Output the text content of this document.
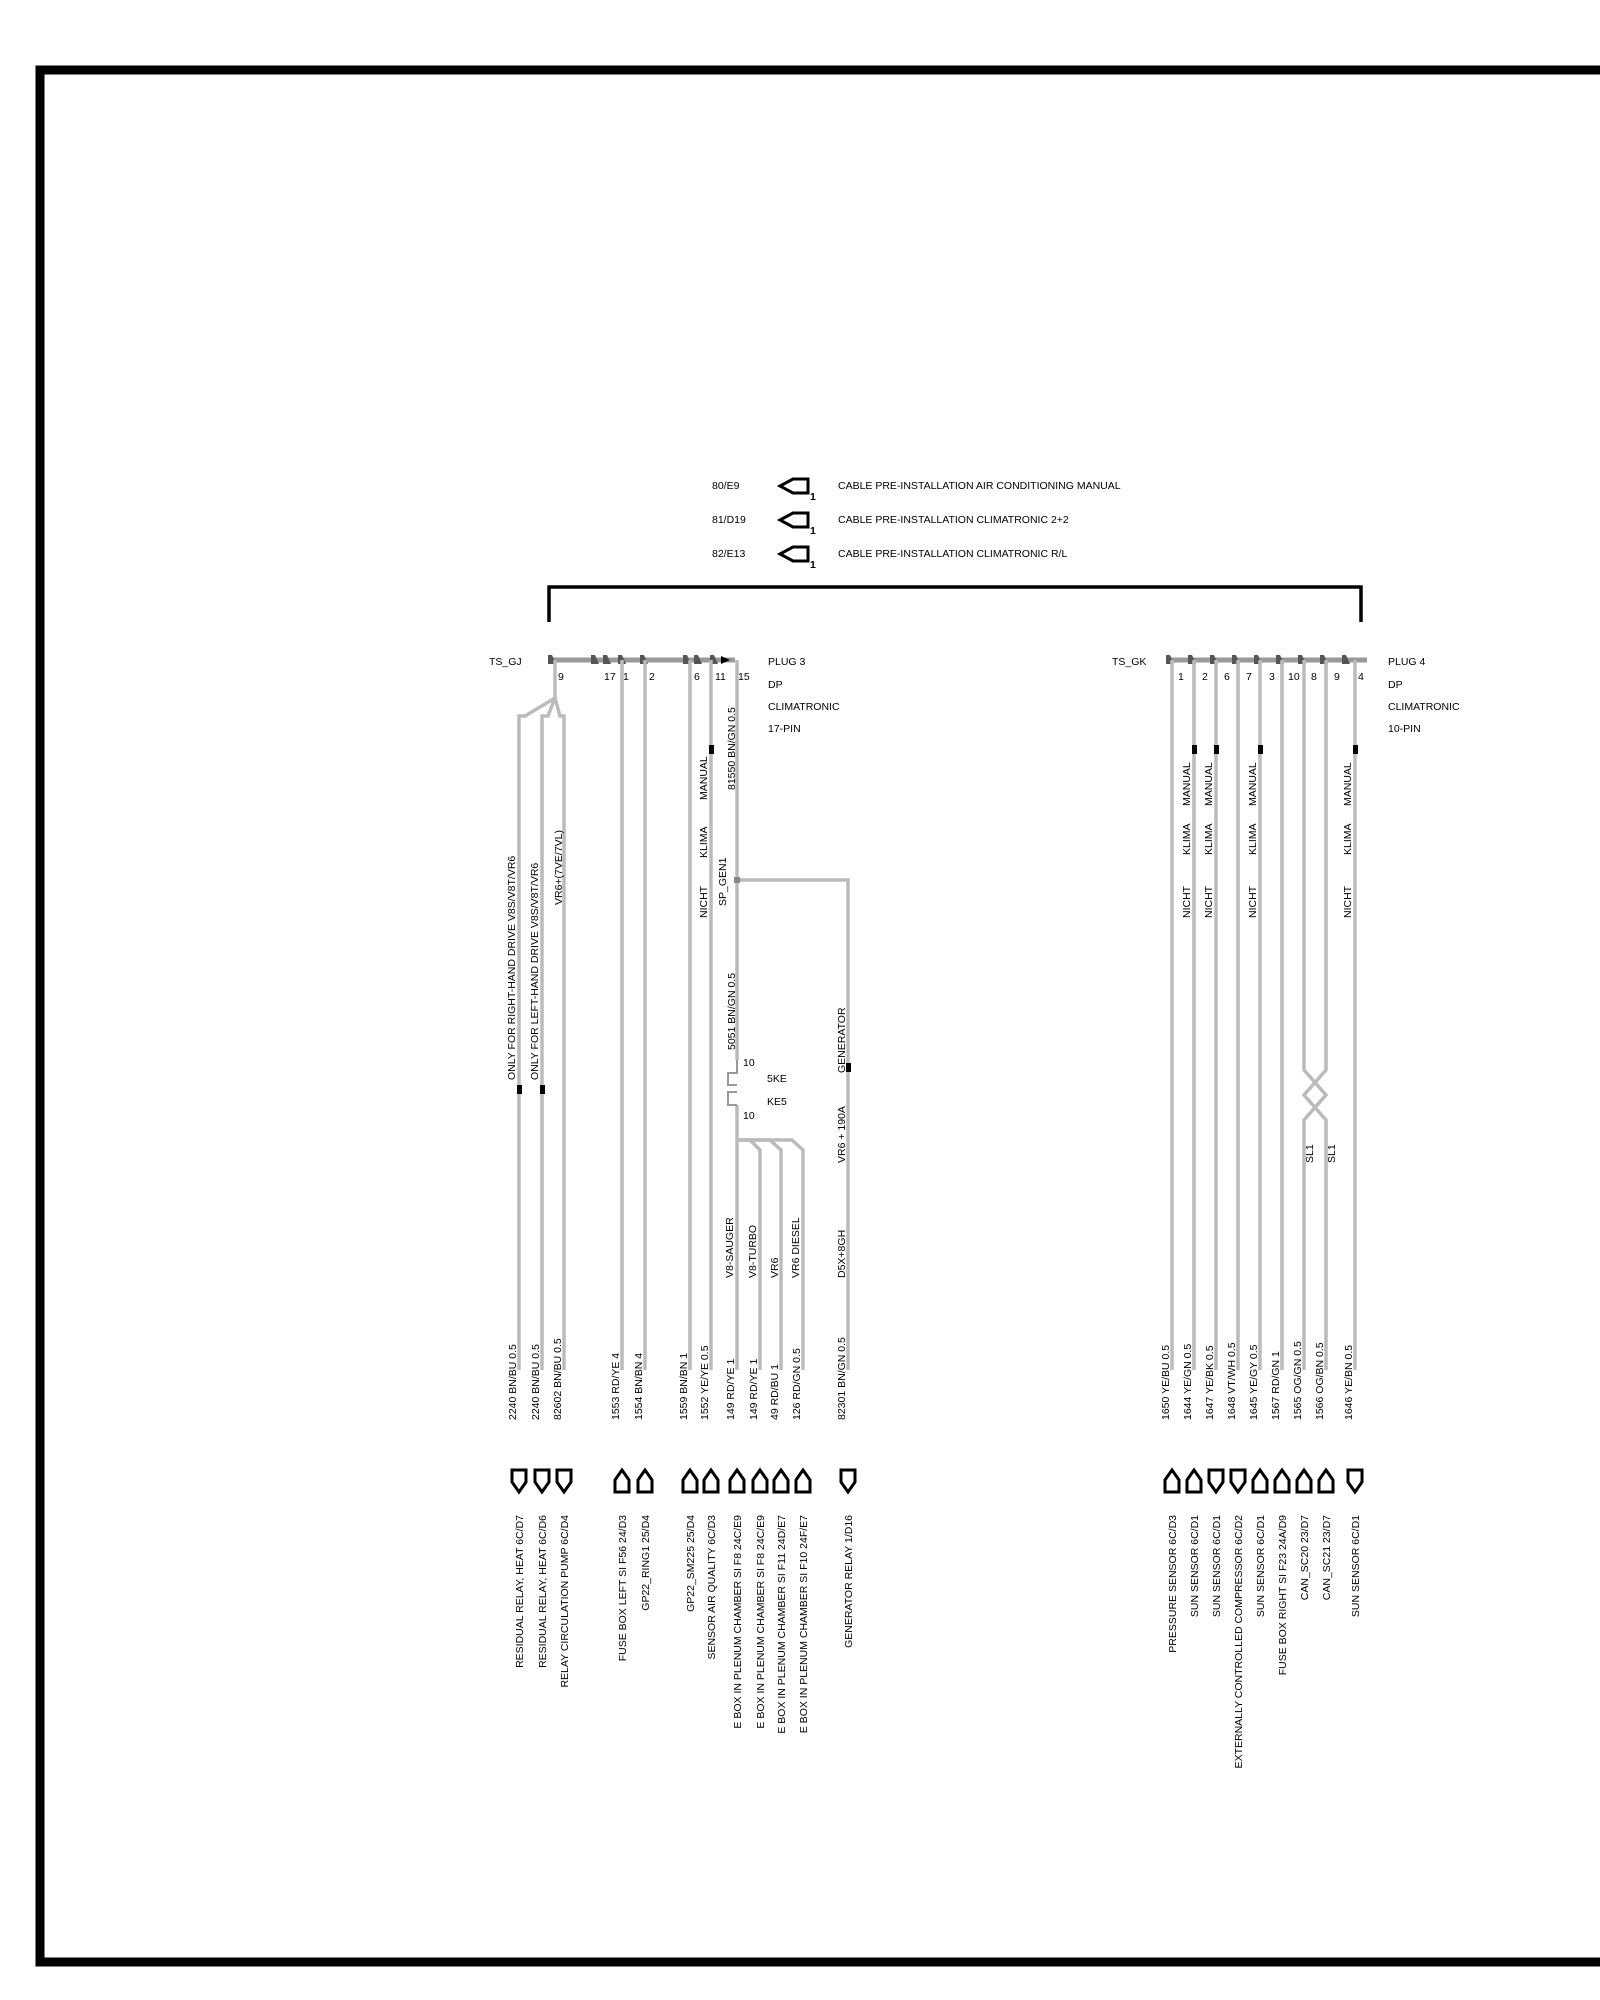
80/E9
1
CABLE PRE-INSTALLATION AIR CONDITIONING MANUAL
81/D19
1
CABLE PRE-INSTALLATION CLIMATRONIC 2+2
82/E13
1
CABLE PRE-INSTALLATION CLIMATRONIC R/L
TS_GJ	PLUG 3
DP
CLIMATRONIC
17-PIN
TS_GK	PLUG 4
DP
CLIMATRONIC
10-PIN
9	17 1 2	6 11 15	1 2 6 7 3 10 8 9 4
10
5KE
KE5
10
ONLY FOR RIGHT-HAND DRIVE V8S/V8T/VR6 ONLY FOR LEFT-HAND DRIVE V8S/V8T/VR6 VR6+(7VE/7VL)	NICHT
KLIMA
MANUAL 81550 BN/GN 0.5
SP_GEN1
5051 BN/GN 0.5	GENERATOR
VR6 + 190A
D5X+8GH
V8-SAUGER V8-TURBO VR6 VR6 DIESEL
NICHT
KLIMA
MANUAL
NICHT
KLIMA
MANUAL
NICHT
KLIMA
MANUAL
NICHT
KLIMA
MANUAL
SL1 SL1
2240 BN/BU 0.5
RESIDUAL RELAY, HEAT 6C/D7
2240 BN/BU 0.5
RESIDUAL RELAY, HEAT 6C/D6
82602 BN/BU 0.5
RELAY CIRCULATION PUMP 6C/D4
1553 RD/YE 4
FUSE BOX LEFT SI F56 24/D3
1554 BN/BN 4
GP22_RING1 25/D4
1559 BN/BN 1
GP22_SM225 25/D4
1552 YE/YE 0.5
SENSOR AIR QUALITY 6C/D3
149 RD/YE 1
E BOX IN PLENUM CHAMBER SI F8 24C/E9
149 RD/YE 1
E BOX IN PLENUM CHAMBER SI F8 24C/E9
49 RD/BU 1
E BOX IN PLENUM CHAMBER SI F11 24D/E7
126 RD/GN 0.5
E BOX IN PLENUM CHAMBER SI F10 24F/E7
82301 BN/GN 0.5
GENERATOR RELAY 1/D16
1650 YE/BU 0.5
PRESSURE SENSOR 6C/D3
1644 YE/GN 0.5
SUN SENSOR 6C/D1
1647 YE/BK 0.5
SUN SENSOR 6C/D1
1648 VT/WH 0.5
EXTERNALLY CONTROLLED COMPRESSOR 6C/D2
1645 YE/GY 0.5
SUN SENSOR 6C/D1
1567 RD/GN 1
FUSE BOX RIGHT SI F23 24A/D9
1565 OG/GN 0.5
CAN_SC20 23/D7
1566 OG/BN 0.5
CAN_SC21 23/D7
1646 YE/BN 0.5
SUN SENSOR 6C/D1
